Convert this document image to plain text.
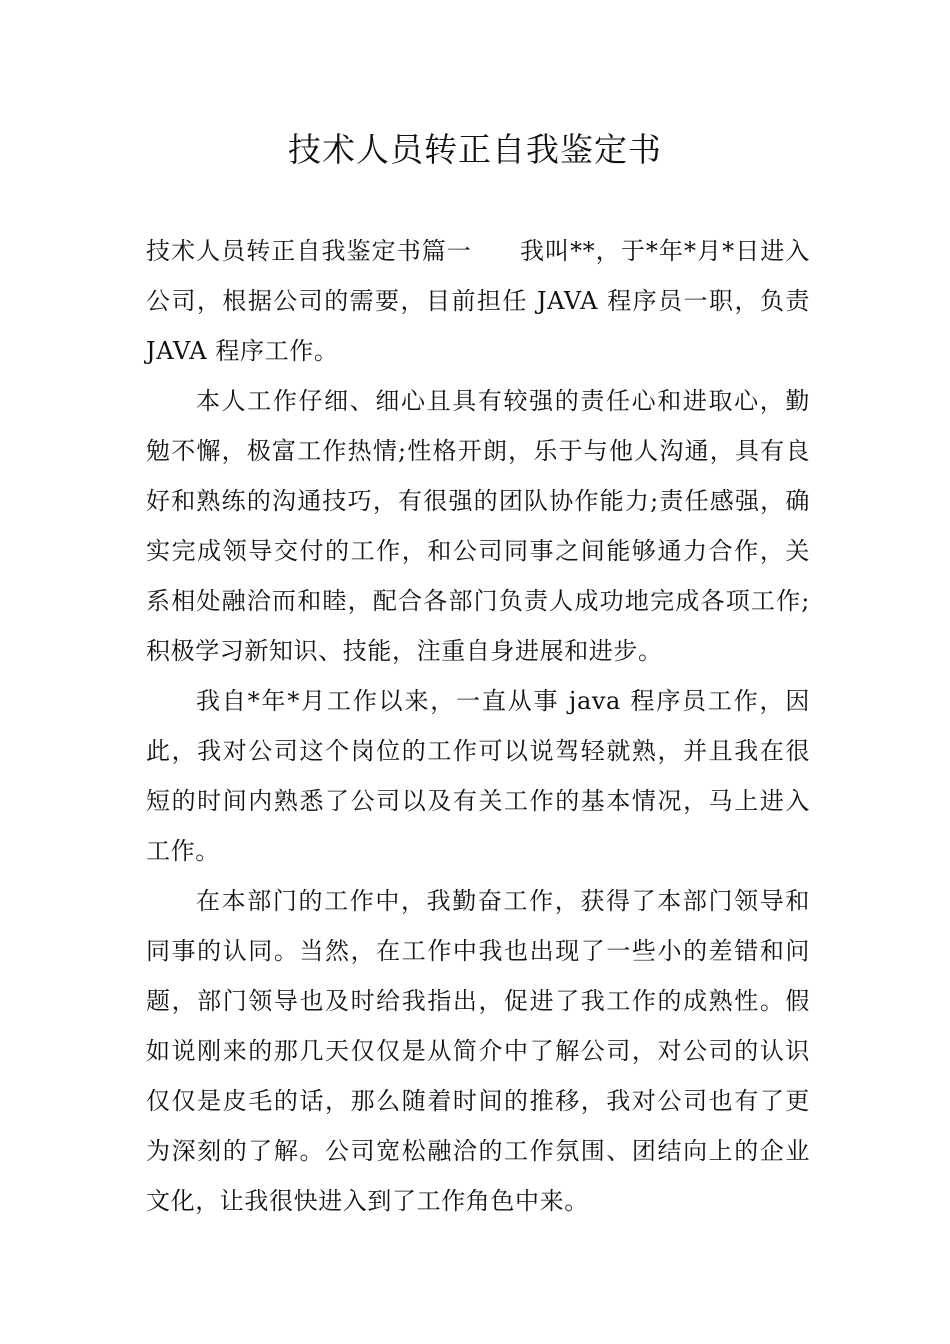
技术人员转正自我鉴定书

技术人员转正自我鉴定书篇一 我叫**，于*年*月*日进入公司，根据公司的需要，目前担任 JAVA 程序员一职，负责 JAVA 程序工作。

本人工作仔细、细心且具有较强的责任心和进取心，勤勉不懈，极富工作热情;性格开朗，乐于与他人沟通，具有良好和熟练的沟通技巧，有很强的团队协作能力;责任感强，确实完成领导交付的工作，和公司同事之间能够通力合作，关系相处融洽而和睦，配合各部门负责人成功地完成各项工作;积极学习新知识、技能，注重自身进展和进步。

我自*年*月工作以来，一直从事 java 程序员工作，因此，我对公司这个岗位的工作可以说驾轻就熟，并且我在很短的时间内熟悉了公司以及有关工作的基本情况，马上进入工作。

在本部门的工作中，我勤奋工作，获得了本部门领导和同事的认同。当然，在工作中我也出现了一些小的差错和问题，部门领导也及时给我指出，促进了我工作的成熟性。假如说刚来的那几天仅仅是从简介中了解公司，对公司的认识仅仅是皮毛的话，那么随着时间的推移，我对公司也有了更为深刻的了解。公司宽松融洽的工作氛围、团结向上的企业文化，让我很快进入到了工作角色中来。
